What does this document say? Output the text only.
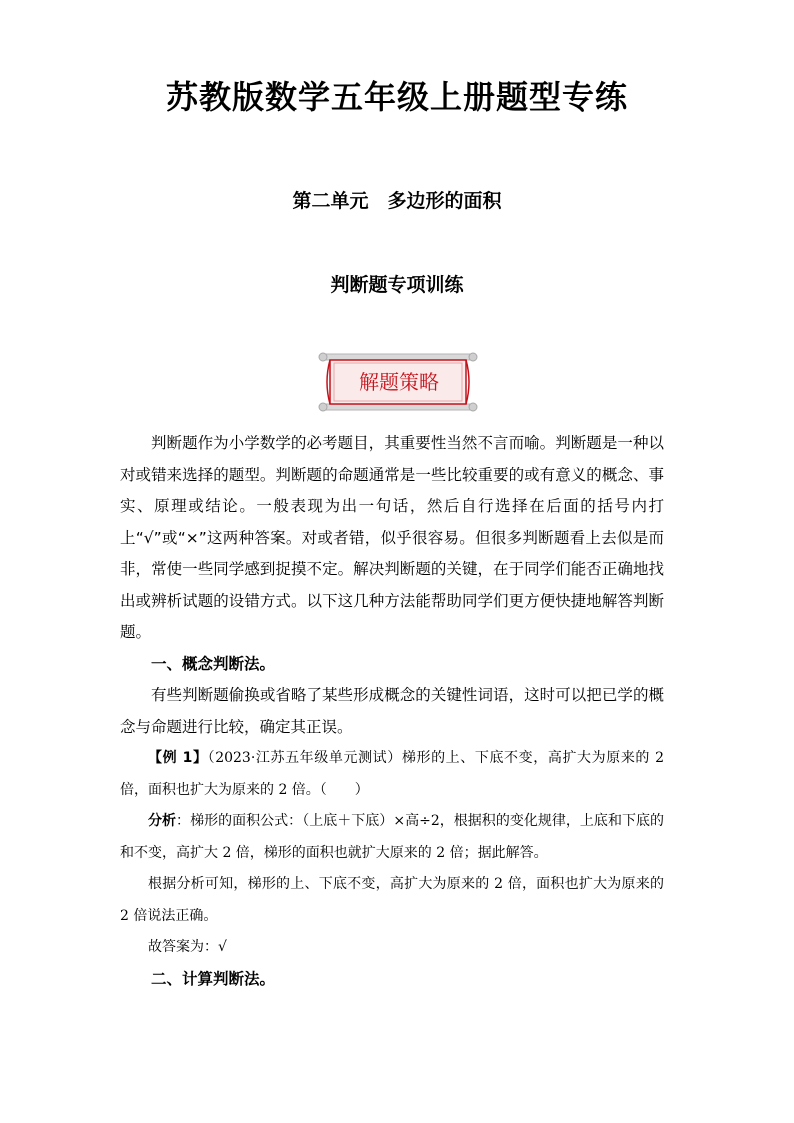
苏教版数学五年级上册题型专练
第二单元　多边形的面积
判断题专项训练
解题策略

判断题作为小学数学的必考题目，其重要性当然不言而喻。判断题是一种以对或错来选择的题型。判断题的命题通常是一些比较重要的或有意义的概念、事实、原理或结论。一般表现为出一句话，然后自行选择在后面的括号内打上“√”或“×”这两种答案。对或者错，似乎很容易。但很多判断题看上去似是而非，常使一些同学感到捉摸不定。解决判断题的关键，在于同学们能否正确地找出或辨析试题的设错方式。以下这几种方法能帮助同学们更方便快捷地解答判断题。

一、概念判断法。

有些判断题偷换或省略了某些形成概念的关键性词语，这时可以把已学的概念与命题进行比较，确定其正误。

【例 1】（2023·江苏五年级单元测试）梯形的上、下底不变，高扩大为原来的 2 倍，面积也扩大为原来的 2 倍。（　　）

分析：梯形的面积公式：（上底＋下底）×高÷2，根据积的变化规律，上底和下底的和不变，高扩大 2 倍，梯形的面积也就扩大原来的 2 倍；据此解答。

根据分析可知，梯形的上、下底不变，高扩大为原来的 2 倍，面积也扩大为原来的 2 倍说法正确。

故答案为：√

二、计算判断法。
